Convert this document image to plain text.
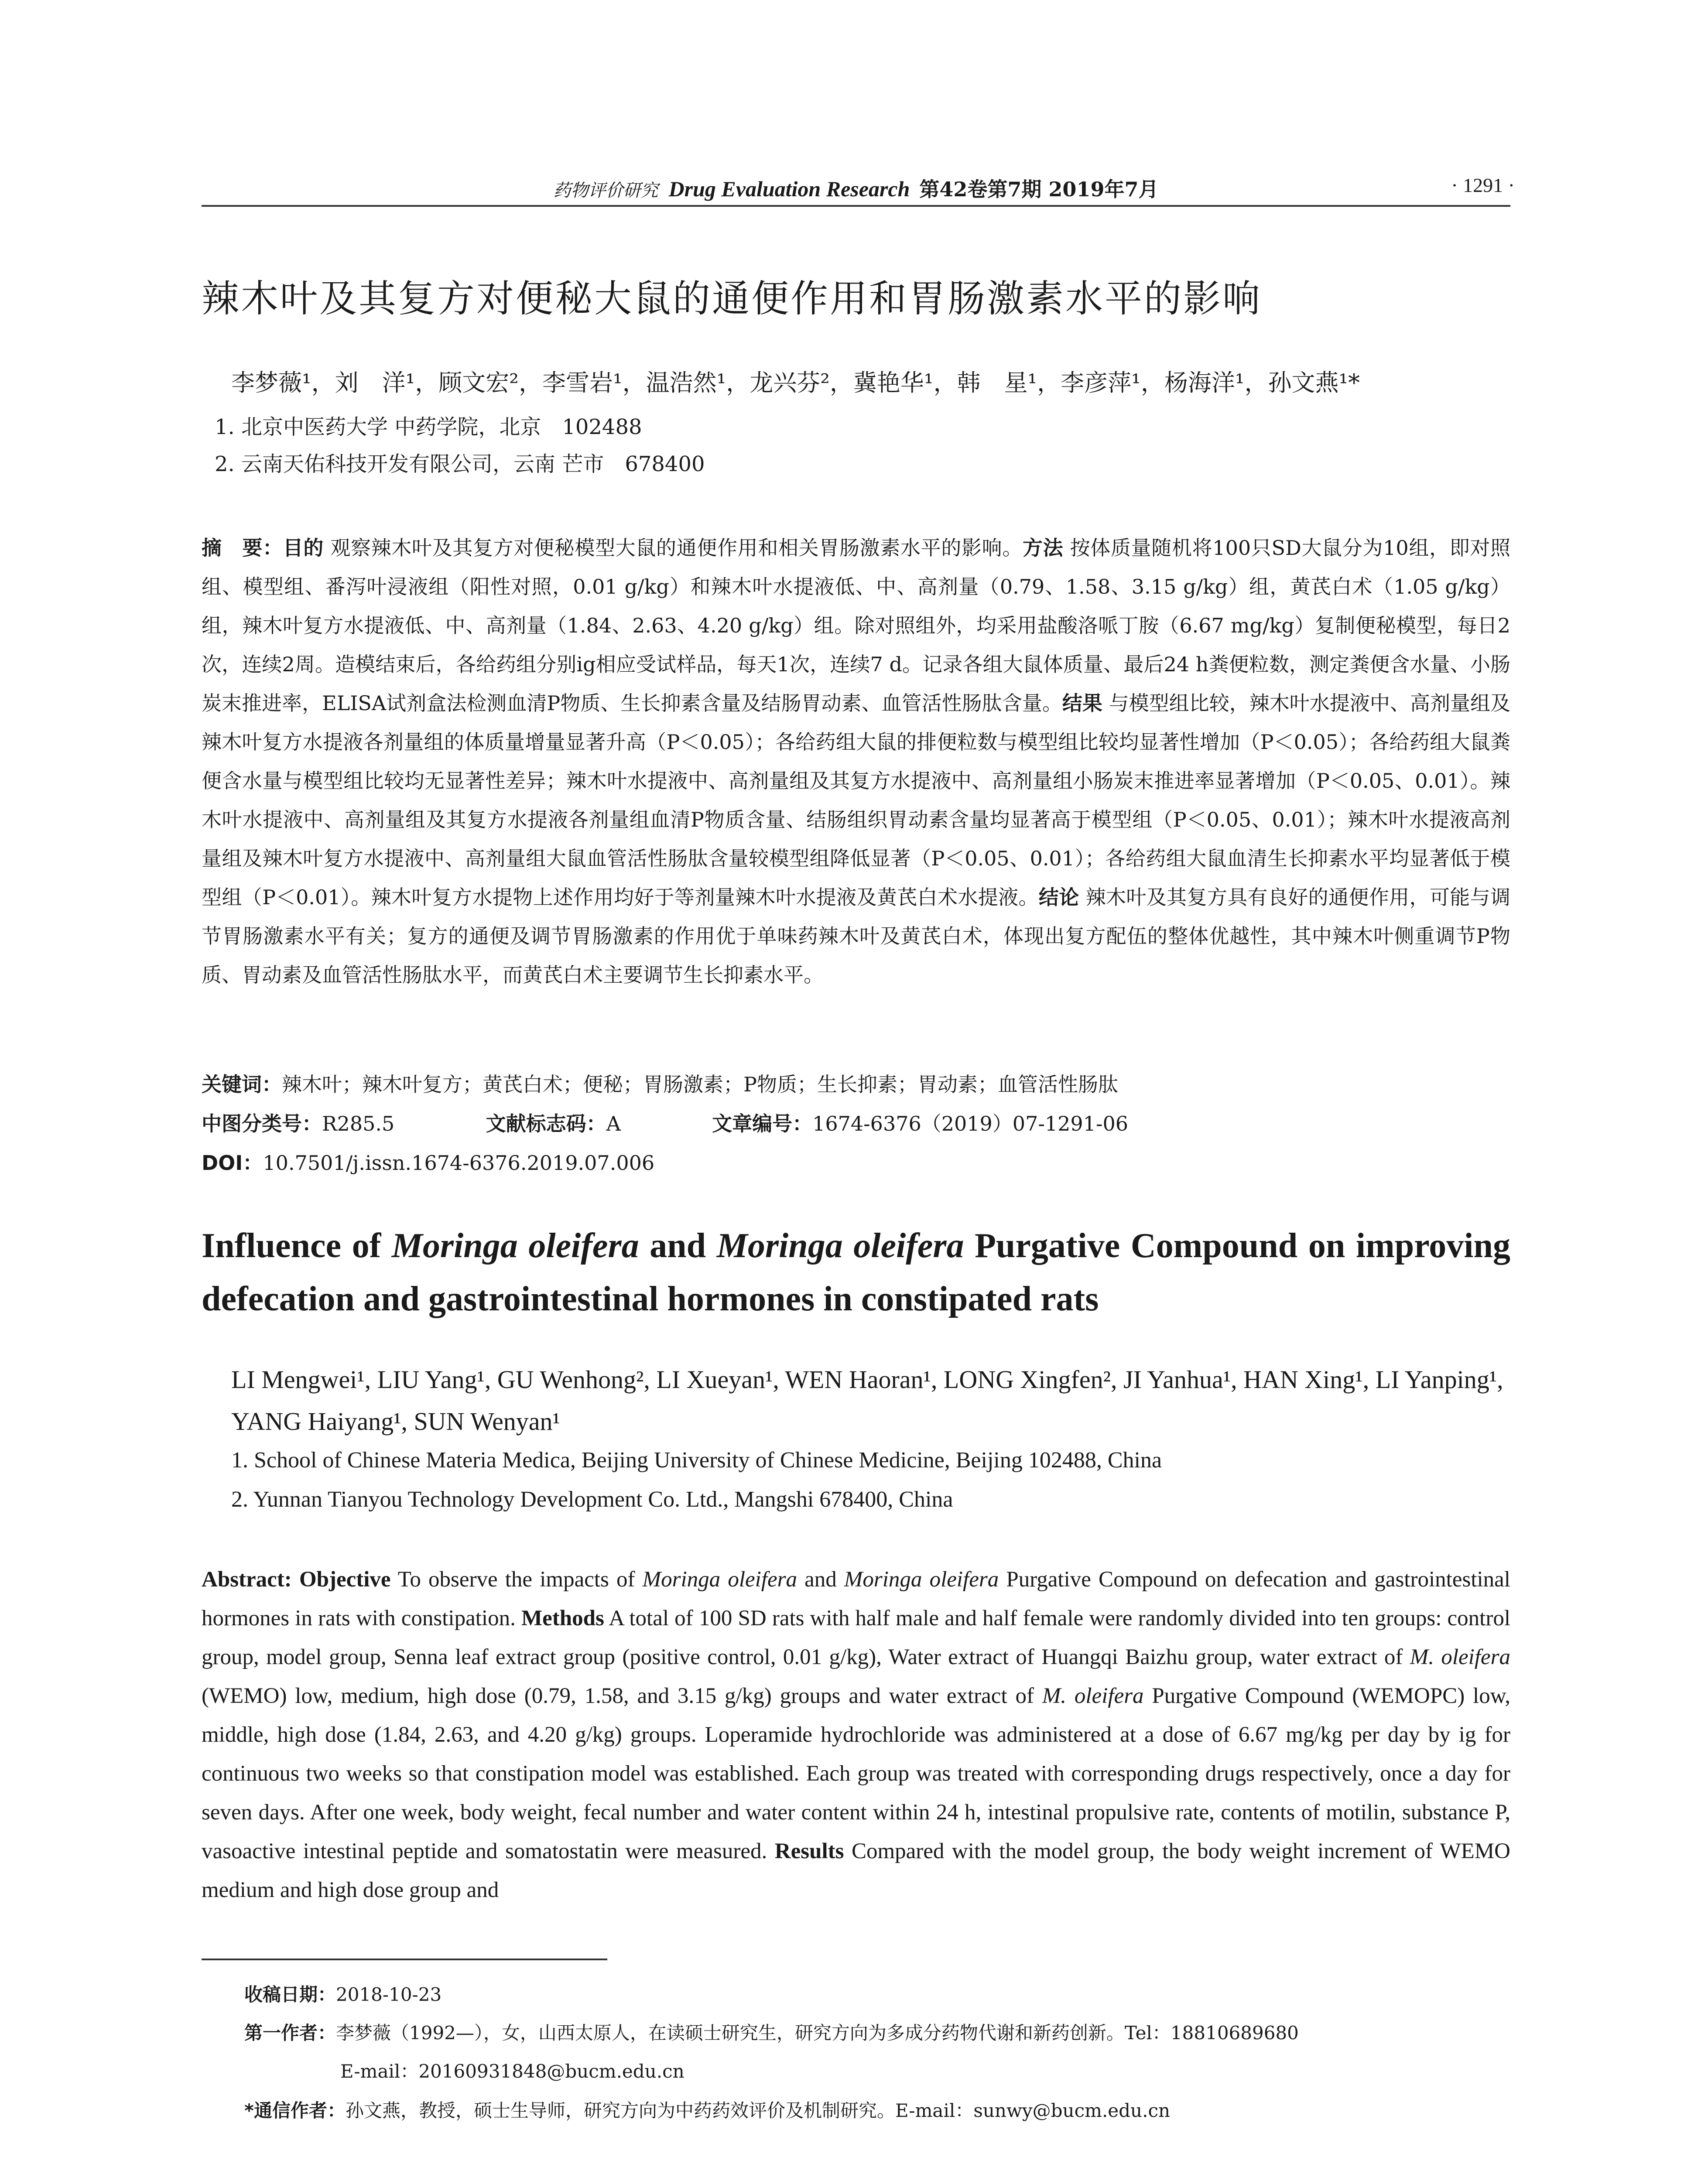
药物评价研究 Drug Evaluation Research 第42卷第7期 2019年7月	· 1291 ·
辣木叶及其复方对便秘大鼠的通便作用和胃肠激素水平的影响
李梦薇¹，刘　洋¹，顾文宏²，李雪岩¹，温浩然¹，龙兴芬²，冀艳华¹，韩　星¹，李彦萍¹，杨海洋¹，孙文燕¹*
1. 北京中医药大学 中药学院，北京　102488
2. 云南天佑科技开发有限公司，云南 芒市　678400
摘　要：目的 观察辣木叶及其复方对便秘模型大鼠的通便作用和相关胃肠激素水平的影响。方法 按体质量随机将100只SD大鼠分为10组，即对照组、模型组、番泻叶浸液组（阳性对照，0.01 g/kg）和辣木叶水提液低、中、高剂量（0.79、1.58、3.15 g/kg）组，黄芪白术（1.05 g/kg）组，辣木叶复方水提液低、中、高剂量（1.84、2.63、4.20 g/kg）组。除对照组外，均采用盐酸洛哌丁胺（6.67 mg/kg）复制便秘模型，每日2次，连续2周。造模结束后，各给药组分别ig相应受试样品，每天1次，连续7 d。记录各组大鼠体质量、最后24 h粪便粒数，测定粪便含水量、小肠炭末推进率，ELISA试剂盒法检测血清P物质、生长抑素含量及结肠胃动素、血管活性肠肽含量。结果 与模型组比较，辣木叶水提液中、高剂量组及辣木叶复方水提液各剂量组的体质量增量显著升高（P＜0.05）；各给药组大鼠的排便粒数与模型组比较均显著性增加（P＜0.05）；各给药组大鼠粪便含水量与模型组比较均无显著性差异；辣木叶水提液中、高剂量组及其复方水提液中、高剂量组小肠炭末推进率显著增加（P＜0.05、0.01）。辣木叶水提液中、高剂量组及其复方水提液各剂量组血清P物质含量、结肠组织胃动素含量均显著高于模型组（P＜0.05、0.01）；辣木叶水提液高剂量组及辣木叶复方水提液中、高剂量组大鼠血管活性肠肽含量较模型组降低显著（P＜0.05、0.01）；各给药组大鼠血清生长抑素水平均显著低于模型组（P＜0.01）。辣木叶复方水提物上述作用均好于等剂量辣木叶水提液及黄芪白术水提液。结论 辣木叶及其复方具有良好的通便作用，可能与调节胃肠激素水平有关；复方的通便及调节胃肠激素的作用优于单味药辣木叶及黄芪白术，体现出复方配伍的整体优越性，其中辣木叶侧重调节P物质、胃动素及血管活性肠肽水平，而黄芪白术主要调节生长抑素水平。
关键词：辣木叶；辣木叶复方；黄芪白术；便秘；胃肠激素；P物质；生长抑素；胃动素；血管活性肠肽
中图分类号：R285.5	文献标志码：A	文章编号：1674-6376（2019）07-1291-06
DOI：10.7501/j.issn.1674-6376.2019.07.006
Influence of Moringa oleifera and Moringa oleifera Purgative Compound on improving defecation and gastrointestinal hormones in constipated rats
LI Mengwei¹, LIU Yang¹, GU Wenhong², LI Xueyan¹, WEN Haoran¹, LONG Xingfen², JI Yanhua¹, HAN Xing¹, LI Yanping¹, YANG Haiyang¹, SUN Wenyan¹
1. School of Chinese Materia Medica, Beijing University of Chinese Medicine, Beijing 102488, China
2. Yunnan Tianyou Technology Development Co. Ltd., Mangshi 678400, China
Abstract: Objective To observe the impacts of Moringa oleifera and Moringa oleifera Purgative Compound on defecation and gastrointestinal hormones in rats with constipation. Methods A total of 100 SD rats with half male and half female were randomly divided into ten groups: control group, model group, Senna leaf extract group (positive control, 0.01 g/kg), Water extract of Huangqi Baizhu group, water extract of M. oleifera (WEMO) low, medium, high dose (0.79, 1.58, and 3.15 g/kg) groups and water extract of M. oleifera Purgative Compound (WEMOPC) low, middle, high dose (1.84, 2.63, and 4.20 g/kg) groups. Loperamide hydrochloride was administered at a dose of 6.67 mg/kg per day by ig for continuous two weeks so that constipation model was established. Each group was treated with corresponding drugs respectively, once a day for seven days. After one week, body weight, fecal number and water content within 24 h, intestinal propulsive rate, contents of motilin, substance P, vasoactive intestinal peptide and somatostatin were measured. Results Compared with the model group, the body weight increment of WEMO medium and high dose group and
收稿日期：2018-10-23
第一作者：李梦薇（1992—），女，山西太原人，在读硕士研究生，研究方向为多成分药物代谢和新药创新。Tel：18810689680
E-mail：20160931848@bucm.edu.cn
*通信作者：孙文燕，教授，硕士生导师，研究方向为中药药效评价及机制研究。E-mail：sunwy@bucm.edu.cn
